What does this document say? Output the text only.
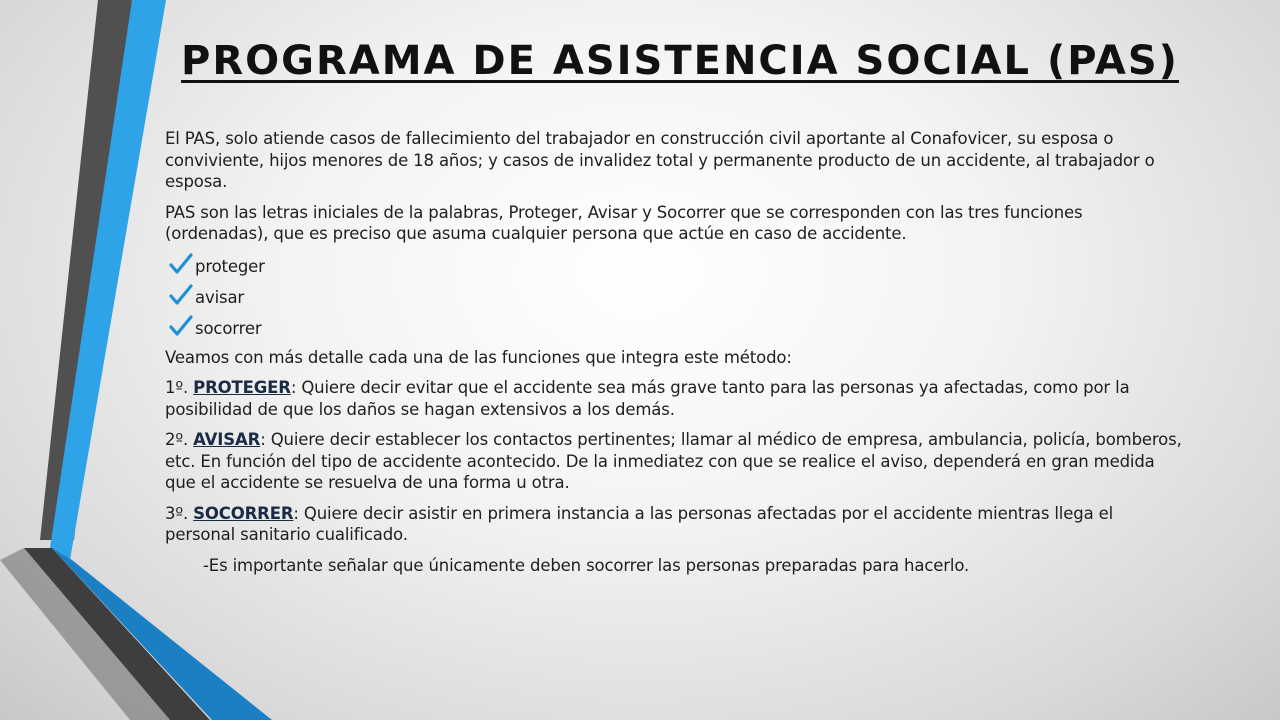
PROGRAMA DE ASISTENCIA SOCIAL (PAS)

El PAS, solo atiende casos de fallecimiento del trabajador en construcción civil aportante al Conafovicer, su esposa o conviviente, hijos menores de 18 años; y casos de invalidez total y permanente producto de un accidente, al trabajador o esposa.

PAS son las letras iniciales de la palabras, Proteger, Avisar y Socorrer que se corresponden con las tres funciones (ordenadas), que es preciso que asuma cualquier persona que actúe en caso de accidente.

proteger
avisar
socorrer

Veamos con más detalle cada una de las funciones que integra este método:

1º. PROTEGER: Quiere decir evitar que el accidente sea más grave tanto para las personas ya afectadas, como por la posibilidad de que los daños se hagan extensivos a los demás.

2º. AVISAR: Quiere decir establecer los contactos pertinentes; llamar al médico de empresa, ambulancia, policía, bomberos, etc. En función del tipo de accidente acontecido. De la inmediatez con que se realice el aviso, dependerá en gran medida que el accidente se resuelva de una forma u otra.

3º. SOCORRER: Quiere decir asistir en primera instancia a las personas afectadas por el accidente mientras llega el personal sanitario cualificado.

-Es importante señalar que únicamente deben socorrer las personas preparadas para hacerlo.
